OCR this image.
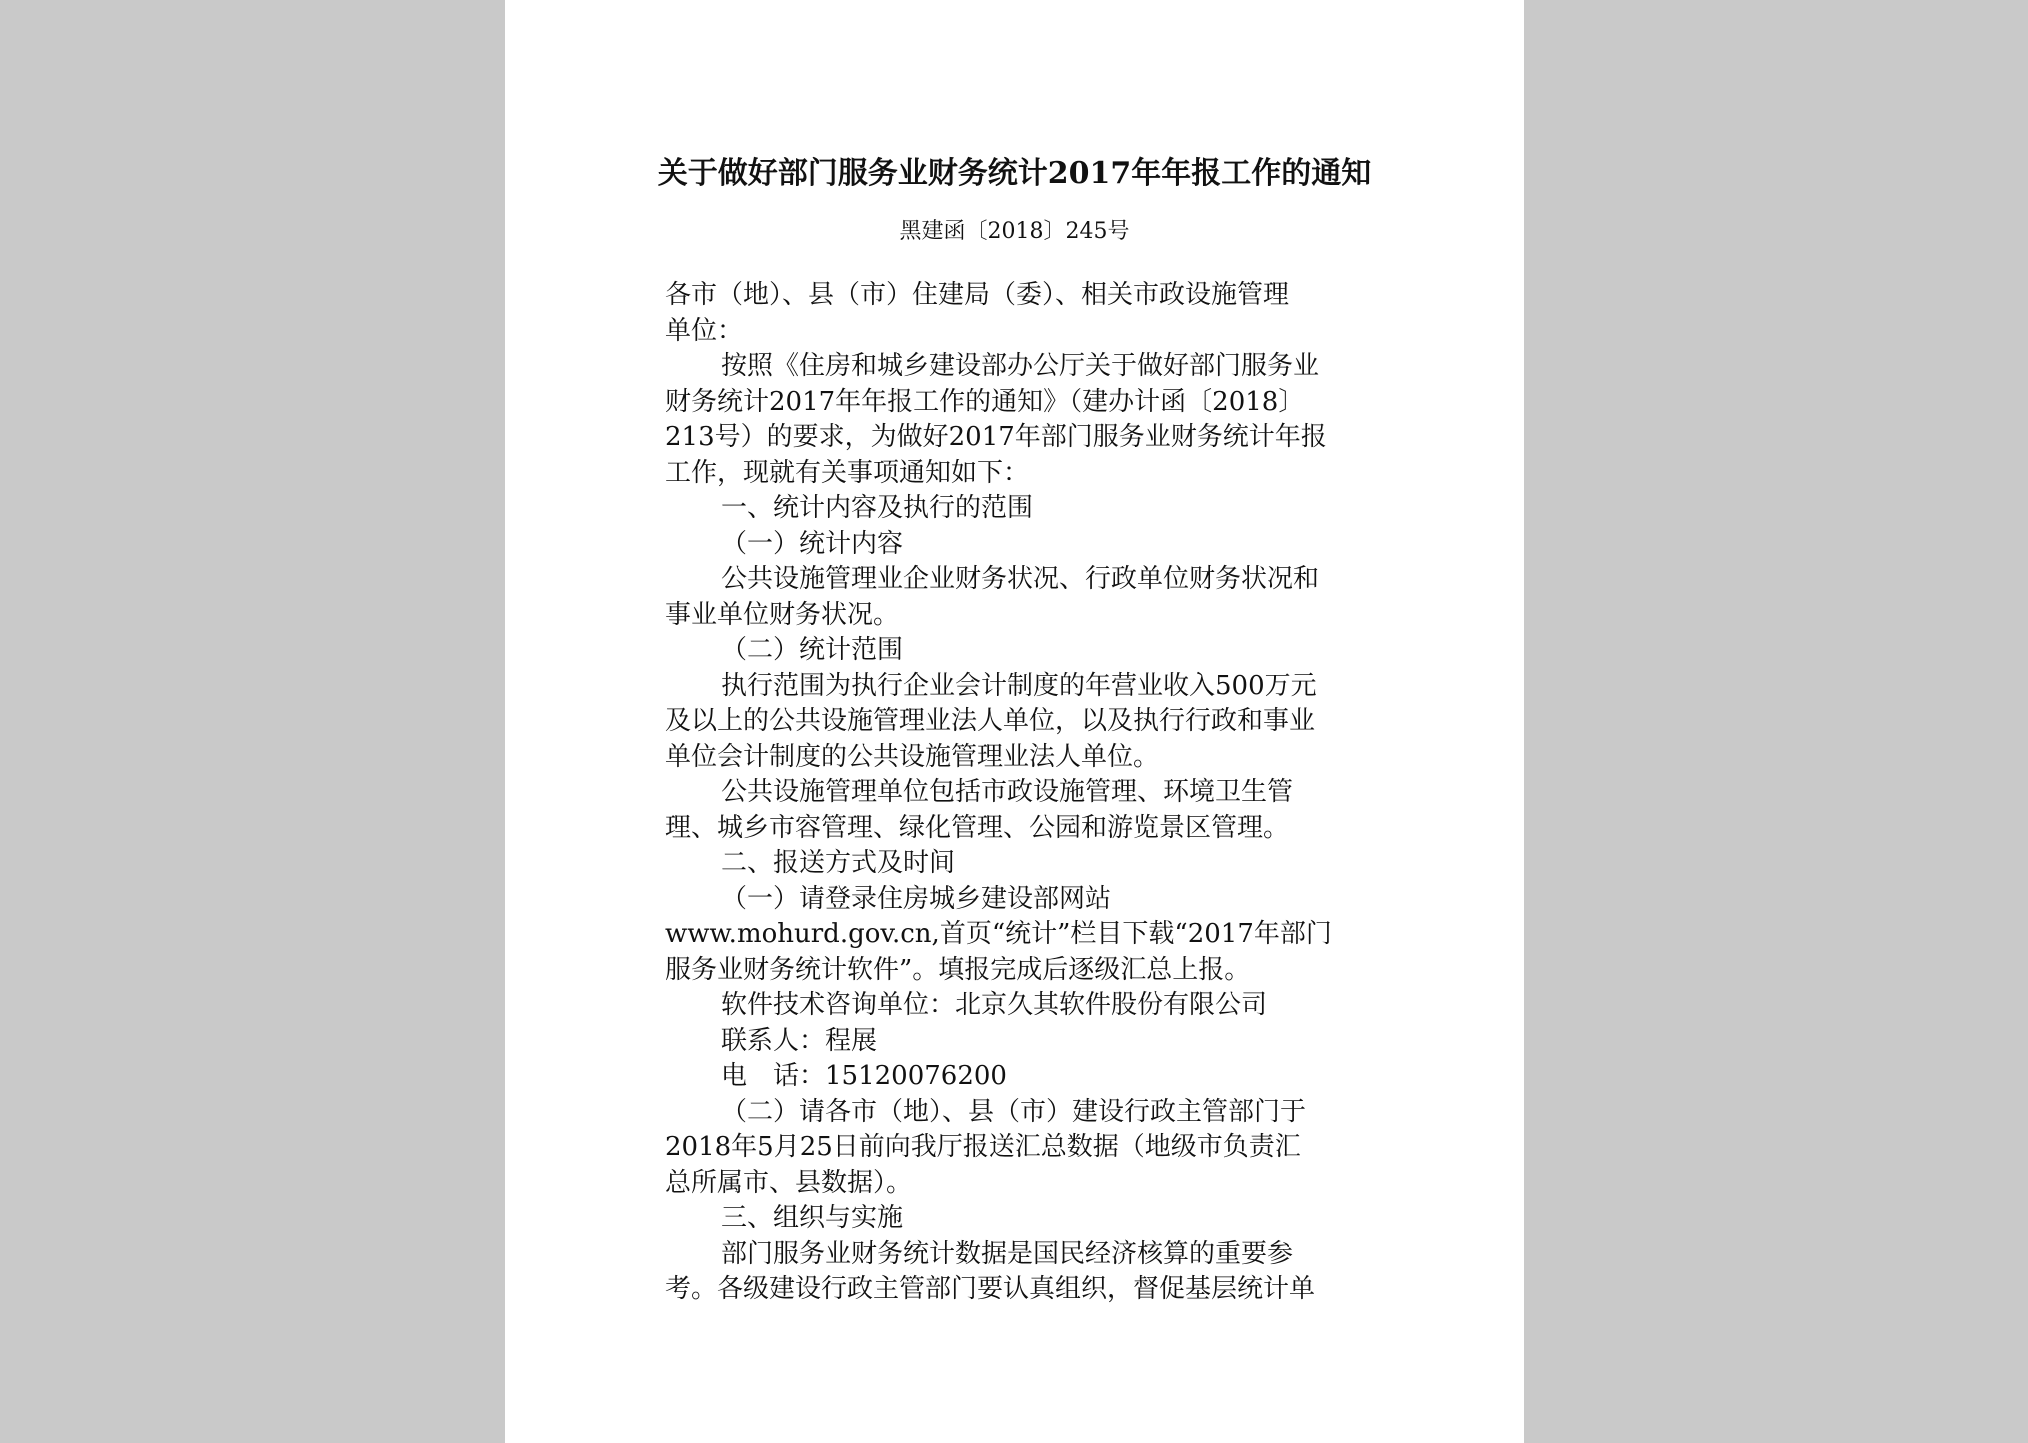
关于做好部门服务业财务统计2017年年报工作的通知
黑建函〔2018〕245号
各市（地）、县（市）住建局（委）、相关市政设施管理
单位：
按照《住房和城乡建设部办公厅关于做好部门服务业
财务统计2017年年报工作的通知》（建办计函〔2018〕
213号）的要求，为做好2017年部门服务业财务统计年报
工作，现就有关事项通知如下：
一、统计内容及执行的范围
（一）统计内容
公共设施管理业企业财务状况、行政单位财务状况和
事业单位财务状况。
（二）统计范围
执行范围为执行企业会计制度的年营业收入500万元
及以上的公共设施管理业法人单位，以及执行行政和事业
单位会计制度的公共设施管理业法人单位。
公共设施管理单位包括市政设施管理、环境卫生管
理、城乡市容管理、绿化管理、公园和游览景区管理。
二、报送方式及时间
（一）请登录住房城乡建设部网站
www.mohurd.gov.cn,首页“统计”栏目下载“2017年部门
服务业财务统计软件”。填报完成后逐级汇总上报。
软件技术咨询单位：北京久其软件股份有限公司
联系人：程展
电　话：15120076200
（二）请各市（地）、县（市）建设行政主管部门于
2018年5月25日前向我厅报送汇总数据（地级市负责汇
总所属市、县数据）。
三、组织与实施
部门服务业财务统计数据是国民经济核算的重要参
考。各级建设行政主管部门要认真组织，督促基层统计单
